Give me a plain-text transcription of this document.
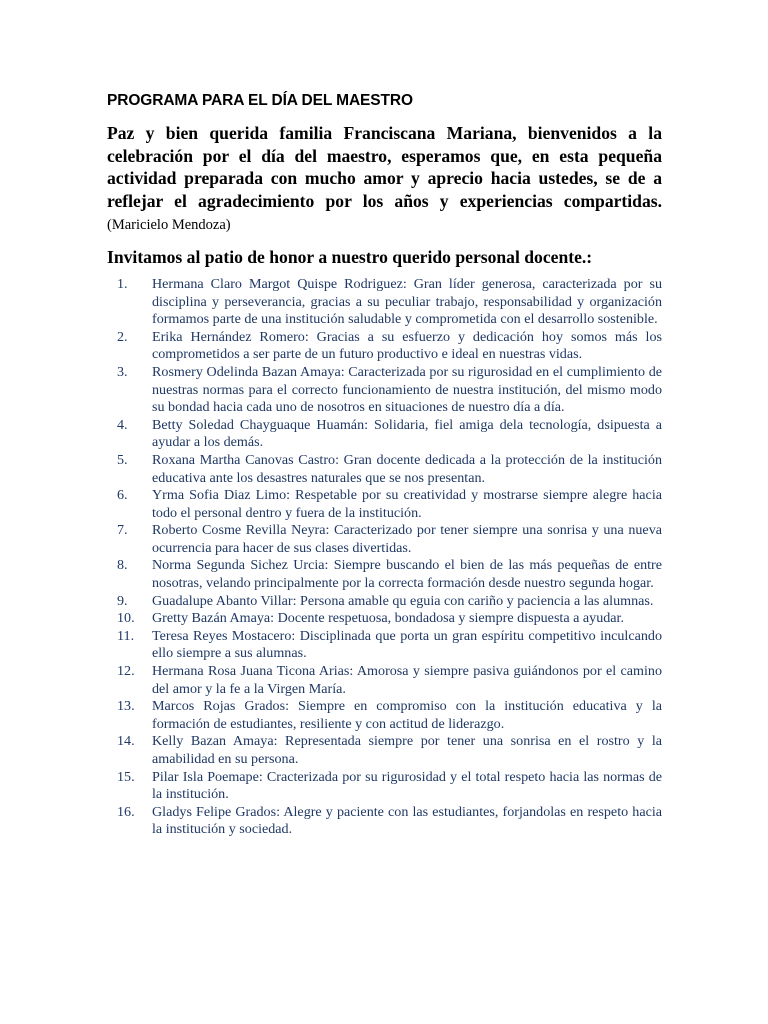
PROGRAMA PARA EL DÍA DEL MAESTRO

Paz y bien querida familia Franciscana Mariana, bienvenidos a la celebración por el día del maestro, esperamos que, en esta pequeña actividad preparada con mucho amor y aprecio hacia ustedes, se de a reflejar el agradecimiento por los años y experiencias compartidas. (Maricielo Mendoza)

Invitamos al patio de honor a nuestro querido personal docente.:
1.	Hermana Claro Margot Quispe Rodriguez: Gran líder generosa, caracterizada por su disciplina y perseverancia, gracias a su peculiar trabajo, responsabilidad y organización formamos parte de una institución saludable y comprometida con el desarrollo sostenible.
2.	Erika Hernández Romero: Gracias a su esfuerzo y dedicación hoy somos más los comprometidos a ser parte de un futuro productivo e ideal en nuestras vidas.
3.	Rosmery Odelinda Bazan Amaya: Caracterizada por su rigurosidad en el cumplimiento de nuestras normas para el correcto funcionamiento de nuestra institución, del mismo modo su bondad hacia cada uno de nosotros en situaciones de nuestro día a día.
4.	Betty Soledad Chayguaque Huamán: Solidaria, fiel amiga dela tecnología, dsipuesta a ayudar a los demás.
5.	Roxana Martha Canovas Castro: Gran docente dedicada a la protección de la institución educativa ante los desastres naturales que se nos presentan.
6.	Yrma Sofia Diaz Limo: Respetable por su creatividad y mostrarse siempre alegre hacia todo el personal dentro y fuera de la institución.
7.	Roberto Cosme Revilla Neyra: Caracterizado por tener siempre una sonrisa y una nueva ocurrencia para hacer de sus clases divertidas.
8.	Norma Segunda Sichez Urcia: Siempre buscando el bien de las más pequeñas de entre nosotras, velando principalmente por la correcta formación desde nuestro segunda hogar.
9.	Guadalupe Abanto Villar: Persona amable qu eguia con cariño y paciencia a las alumnas.
10.	Gretty Bazán Amaya: Docente respetuosa, bondadosa y siempre dispuesta a ayudar.
11.	Teresa Reyes Mostacero: Disciplinada que porta un gran espíritu competitivo inculcando ello siempre a sus alumnas.
12.	Hermana Rosa Juana Ticona Arias: Amorosa y siempre pasiva guiándonos por el camino del amor y la fe a la Virgen María.
13.	Marcos Rojas Grados: Siempre en compromiso con la institución educativa y la formación de estudiantes, resiliente y con actitud de liderazgo.
14.	Kelly Bazan Amaya: Representada siempre por tener una sonrisa en el rostro y la amabilidad en su persona.
15.	Pilar Isla Poemape: Cracterizada por su rigurosidad y el total respeto hacia las normas de la institución.
16.	Gladys Felipe Grados: Alegre y paciente con las estudiantes, forjandolas en respeto hacia la institución y sociedad.
